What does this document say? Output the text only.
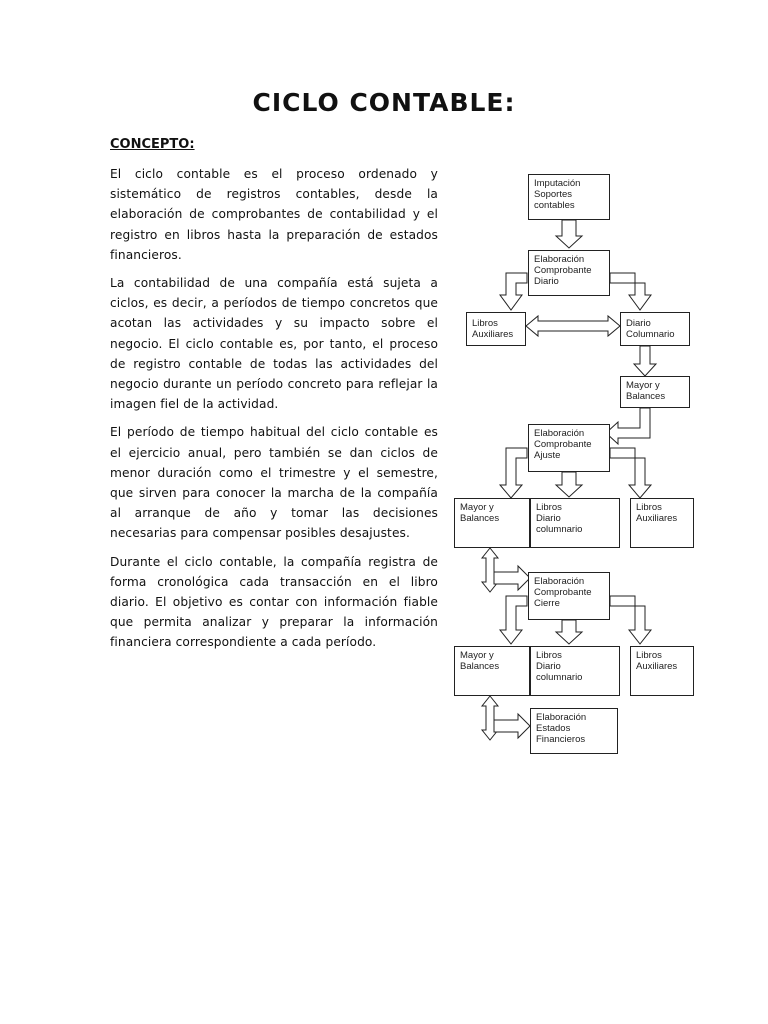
CICLO CONTABLE:

CONCEPTO:

El ciclo contable es el proceso ordenado y sistemático de registros contables, desde la elaboración de comprobantes de contabilidad y el registro en libros hasta la preparación de estados financieros.

La contabilidad de una compañía está sujeta a ciclos, es decir, a períodos de tiempo concretos que acotan las actividades y su impacto sobre el negocio. El ciclo contable es, por tanto, el proceso de registro contable de todas las actividades del negocio durante un período concreto para reflejar la imagen fiel de la actividad.

El período de tiempo habitual del ciclo contable es el ejercicio anual, pero también se dan ciclos de menor duración como el trimestre y el semestre, que sirven para conocer la marcha de la compañía al arranque de año y tomar las decisiones necesarias para compensar posibles desajustes.

Durante el ciclo contable, la compañía registra de forma cronológica cada transacción en el libro diario. El objetivo es contar con información fiable que permita analizar y preparar la información financiera correspondiente a cada período.

Imputación
Soportes
contables
Elaboración
Comprobante
Diario
Libros
Auxiliares
Diario
Columnario
Mayor y
Balances
Elaboración
Comprobante
Ajuste
Mayor y
Balances
Libros
Diario
columnario
Libros
Auxiliares
Elaboración
Comprobante
Cierre
Mayor y
Balances
Libros
Diario
columnario
Libros
Auxiliares
Elaboración
Estados
Financieros
